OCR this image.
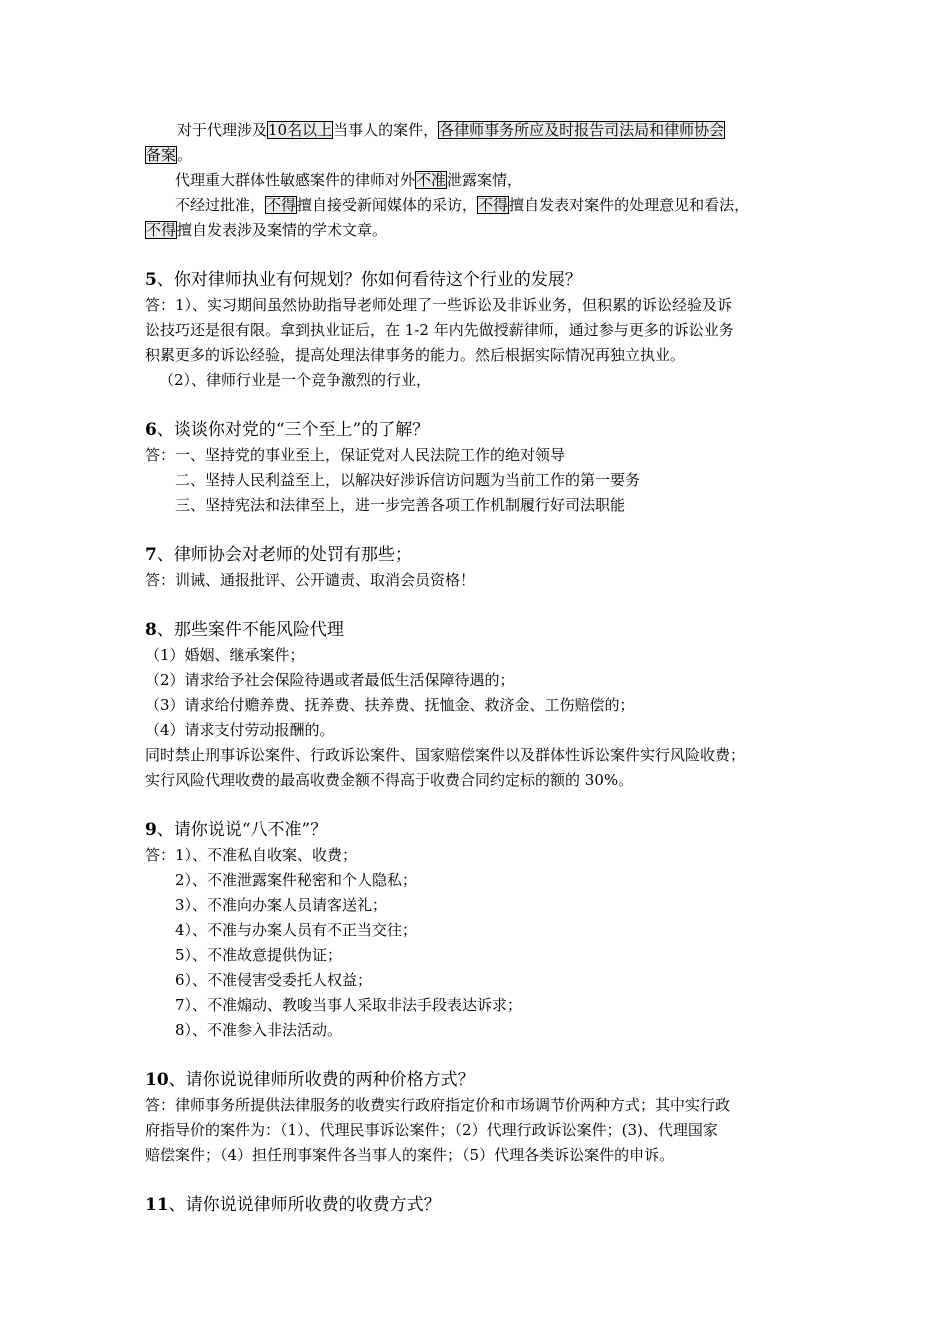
对于代理涉及10名以上当事人的案件，各律师事务所应及时报告司法局和律师协会

备案。

代理重大群体性敏感案件的律师对外不准泄露案情，

不经过批准，不得擅自接受新闻媒体的采访，不得擅自发表对案件的处理意见和看法，

不得擅自发表涉及案情的学术文章。

5、你对律师执业有何规划？你如何看待这个行业的发展？

答：1）、实习期间虽然协助指导老师处理了一些诉讼及非诉业务，但积累的诉讼经验及诉

讼技巧还是很有限。拿到执业证后，在 1-2 年内先做授薪律师，通过参与更多的诉讼业务

积累更多的诉讼经验，提高处理法律事务的能力。然后根据实际情况再独立执业。

（2）、律师行业是一个竞争激烈的行业，

6、谈谈你对党的“三个至上”的了解？

答：一、坚持党的事业至上，保证党对人民法院工作的绝对领导

二、坚持人民利益至上，以解决好涉诉信访问题为当前工作的第一要务

三、坚持宪法和法律至上，进一步完善各项工作机制履行好司法职能

7、律师协会对老师的处罚有那些；

答：训诫、通报批评、公开谴责、取消会员资格！

8、那些案件不能风险代理

（1）婚姻、继承案件；

（2）请求给予社会保险待遇或者最低生活保障待遇的；

（3）请求给付赡养费、抚养费、扶养费、抚恤金、救济金、工伤赔偿的；

（4）请求支付劳动报酬的。

同时禁止刑事诉讼案件、行政诉讼案件、国家赔偿案件以及群体性诉讼案件实行风险收费；

实行风险代理收费的最高收费金额不得高于收费合同约定标的额的 30%。

9、请你说说“八不准”？

答：1）、不准私自收案、收费；

2）、不准泄露案件秘密和个人隐私；

3）、不准向办案人员请客送礼；

4）、不准与办案人员有不正当交往；

5）、不准故意提供伪证；

6）、不准侵害受委托人权益；

7）、不准煽动、教唆当事人采取非法手段表达诉求；

8）、不准参入非法活动。

10、请你说说律师所收费的两种价格方式？

答：律师事务所提供法律服务的收费实行政府指定价和市场调节价两种方式；其中实行政

府指导价的案件为：（1）、代理民事诉讼案件；（2）代理行政诉讼案件；(3)、代理国家

赔偿案件；（4）担任刑事案件各当事人的案件；（5）代理各类诉讼案件的申诉。

11、请你说说律师所收费的收费方式？
